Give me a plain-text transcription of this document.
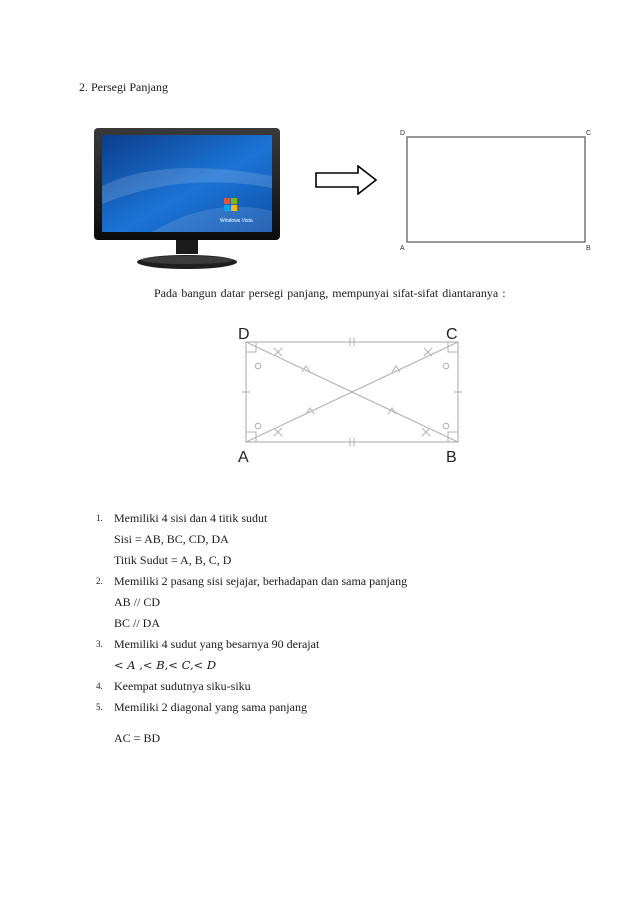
2. Persegi Panjang
Windows Vista
D	C
A	B
Pada bangun datar persegi panjang, mempunyai sifat-sifat diantaranya :
D	C
A	B
1. Memiliki 4 sisi dan 4 titik sudut
Sisi = AB, BC, CD, DA
Titik Sudut = A, B, C, D
2. Memiliki 2 pasang sisi sejajar, berhadapan dan sama panjang
AB // CD
BC // DA
3. Memiliki 4 sudut yang besarnya 90 derajat
< A ,< B,< C,< D
4. Keempat sudutnya siku-siku
5. Memiliki 2 diagonal yang sama panjang
AC = BD
